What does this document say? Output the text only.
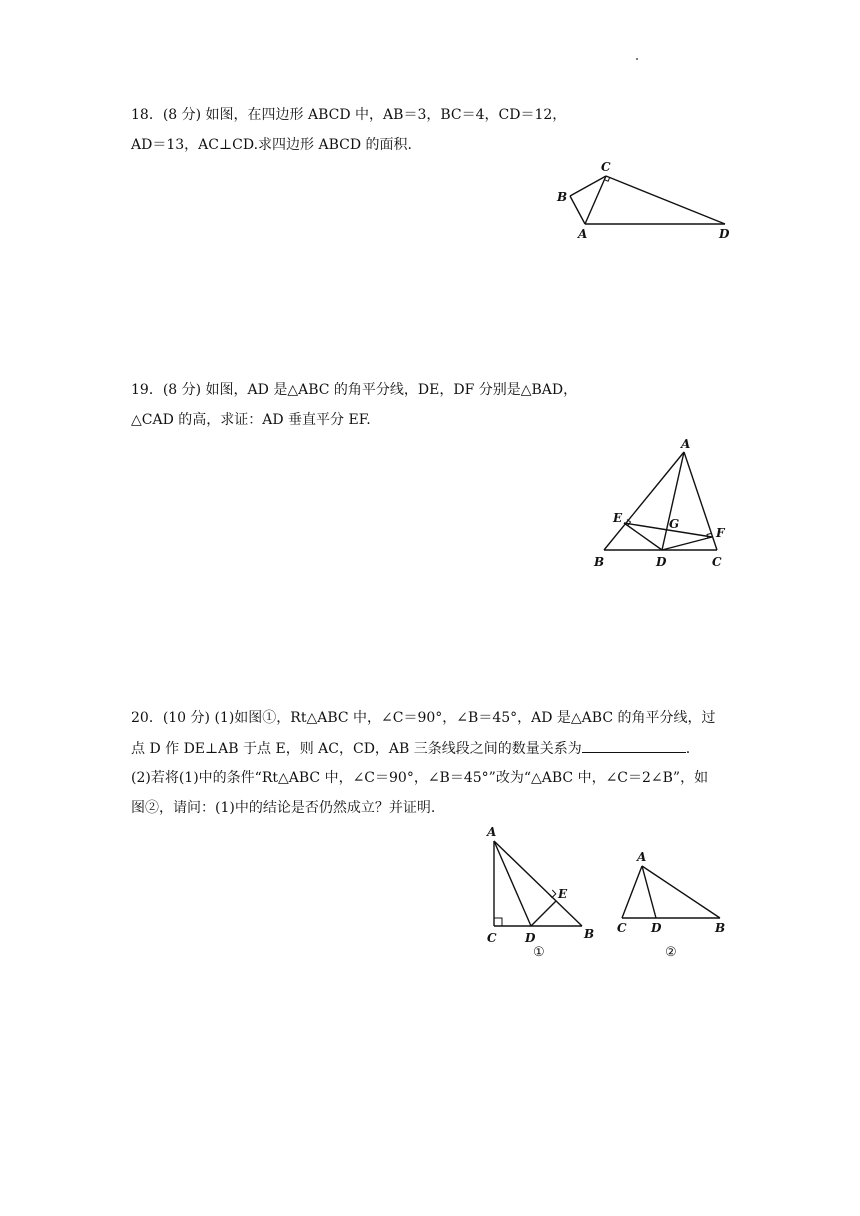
18．(8 分) 如图，在四边形 ABCD 中，AB＝3，BC＝4，CD＝12，
AD＝13，AC⊥CD.求四边形 ABCD 的面积.
C
B
A	D
A
E	G
F
B	D	C
A
E
C D	B
①
A
C D	B
②
19．(8 分) 如图，AD 是△ABC 的角平分线，DE，DF 分别是△BAD，
△CAD 的高，求证：AD 垂直平分 EF.
20．(10 分) (1)如图①，Rt△ABC 中，∠C＝90°，∠B＝45°，AD 是△ABC 的角平分线，过
点 D 作 DE⊥AB 于点 E，则 AC，CD，AB 三条线段之间的数量关系为	.
(2)若将(1)中的条件“Rt△ABC 中，∠C＝90°，∠B＝45°”改为“△ABC 中，∠C＝2∠B”，如
图②，请问：(1)中的结论是否仍然成立？并证明.
